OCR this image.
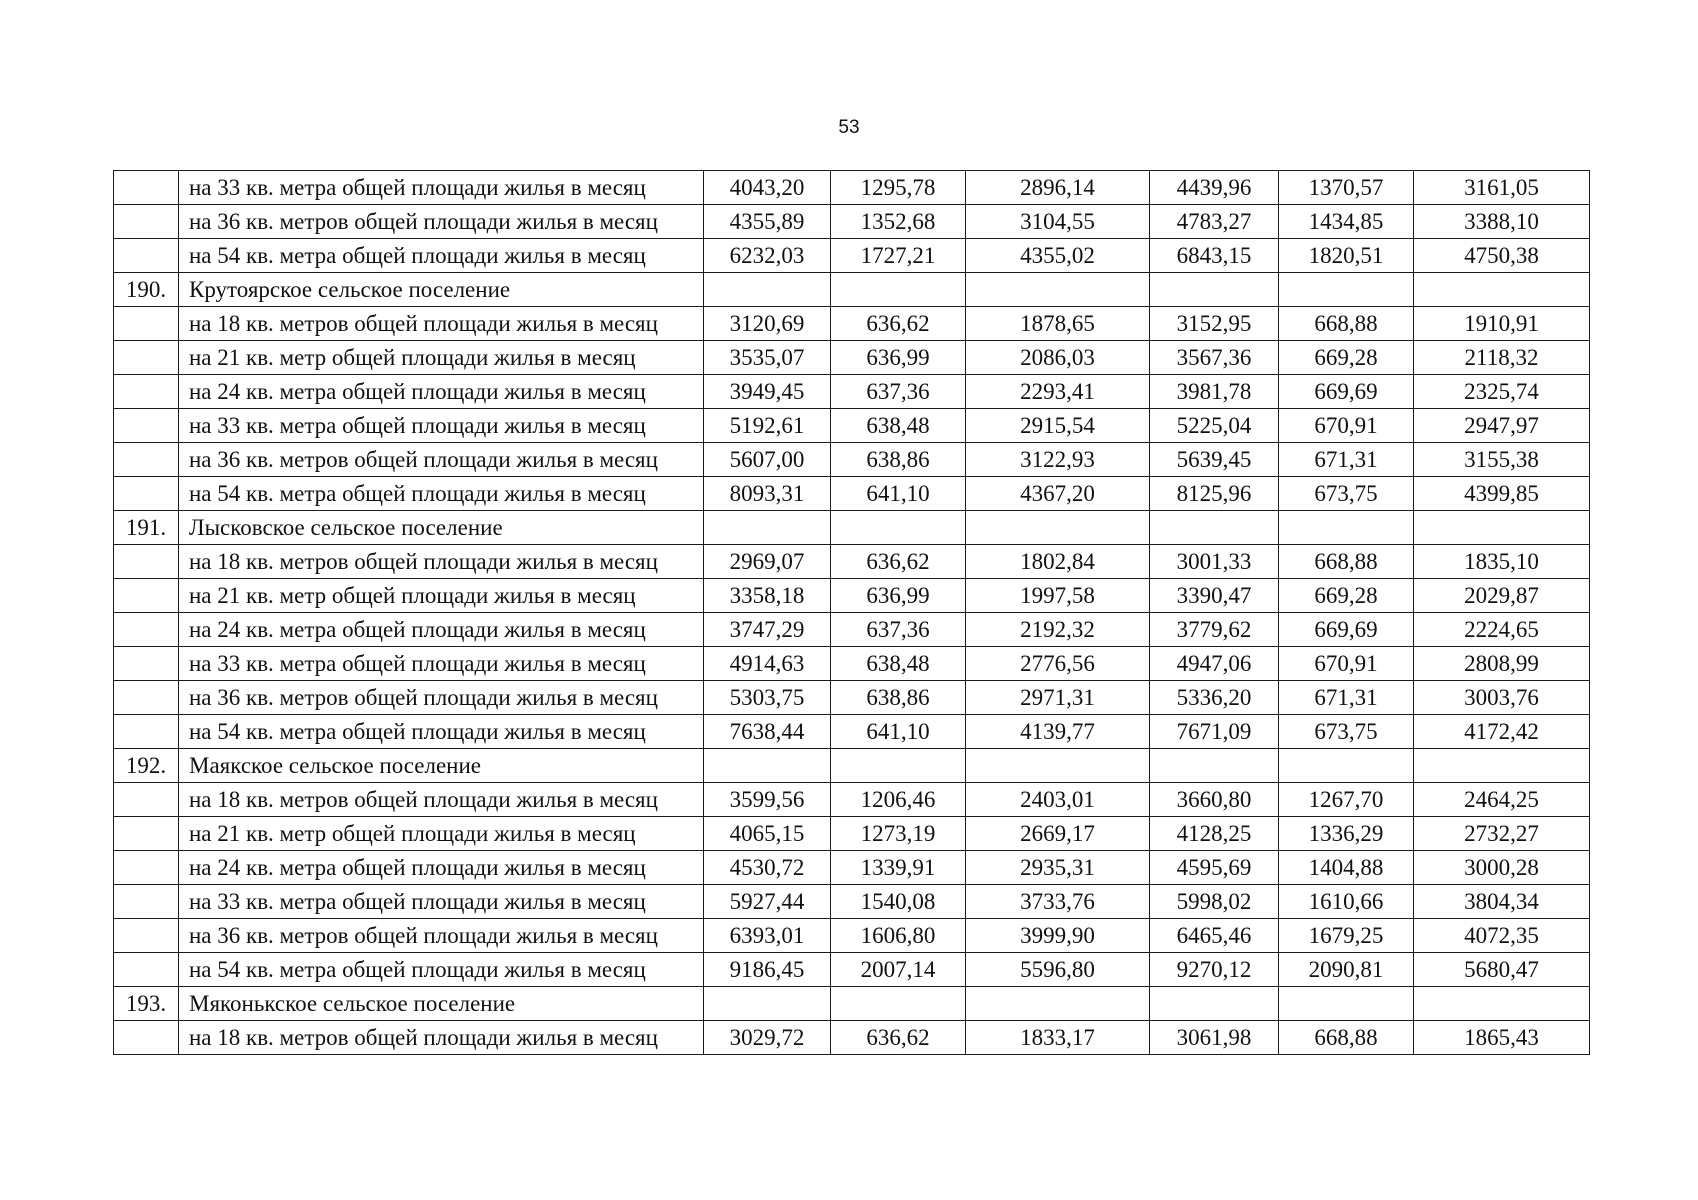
53
	на 33 кв. метра общей площади жилья в месяц	4043,20	1295,78	2896,14	4439,96	1370,57	3161,05
	на 36 кв. метров общей площади жилья в месяц	4355,89	1352,68	3104,55	4783,27	1434,85	3388,10
	на 54 кв. метра общей площади жилья в месяц	6232,03	1727,21	4355,02	6843,15	1820,51	4750,38
190.	Крутоярское сельское поселение						
	на 18 кв. метров общей площади жилья в месяц	3120,69	636,62	1878,65	3152,95	668,88	1910,91
	на 21 кв. метр общей площади жилья в месяц	3535,07	636,99	2086,03	3567,36	669,28	2118,32
	на 24 кв. метра общей площади жилья в месяц	3949,45	637,36	2293,41	3981,78	669,69	2325,74
	на 33 кв. метра общей площади жилья в месяц	5192,61	638,48	2915,54	5225,04	670,91	2947,97
	на 36 кв. метров общей площади жилья в месяц	5607,00	638,86	3122,93	5639,45	671,31	3155,38
	на 54 кв. метра общей площади жилья в месяц	8093,31	641,10	4367,20	8125,96	673,75	4399,85
191.	Лысковское сельское поселение						
	на 18 кв. метров общей площади жилья в месяц	2969,07	636,62	1802,84	3001,33	668,88	1835,10
	на 21 кв. метр общей площади жилья в месяц	3358,18	636,99	1997,58	3390,47	669,28	2029,87
	на 24 кв. метра общей площади жилья в месяц	3747,29	637,36	2192,32	3779,62	669,69	2224,65
	на 33 кв. метра общей площади жилья в месяц	4914,63	638,48	2776,56	4947,06	670,91	2808,99
	на 36 кв. метров общей площади жилья в месяц	5303,75	638,86	2971,31	5336,20	671,31	3003,76
	на 54 кв. метра общей площади жилья в месяц	7638,44	641,10	4139,77	7671,09	673,75	4172,42
192.	Маякское сельское поселение						
	на 18 кв. метров общей площади жилья в месяц	3599,56	1206,46	2403,01	3660,80	1267,70	2464,25
	на 21 кв. метр общей площади жилья в месяц	4065,15	1273,19	2669,17	4128,25	1336,29	2732,27
	на 24 кв. метра общей площади жилья в месяц	4530,72	1339,91	2935,31	4595,69	1404,88	3000,28
	на 33 кв. метра общей площади жилья в месяц	5927,44	1540,08	3733,76	5998,02	1610,66	3804,34
	на 36 кв. метров общей площади жилья в месяц	6393,01	1606,80	3999,90	6465,46	1679,25	4072,35
	на 54 кв. метра общей площади жилья в месяц	9186,45	2007,14	5596,80	9270,12	2090,81	5680,47
193.	Мяконькское сельское поселение						
	на 18 кв. метров общей площади жилья в месяц	3029,72	636,62	1833,17	3061,98	668,88	1865,43
